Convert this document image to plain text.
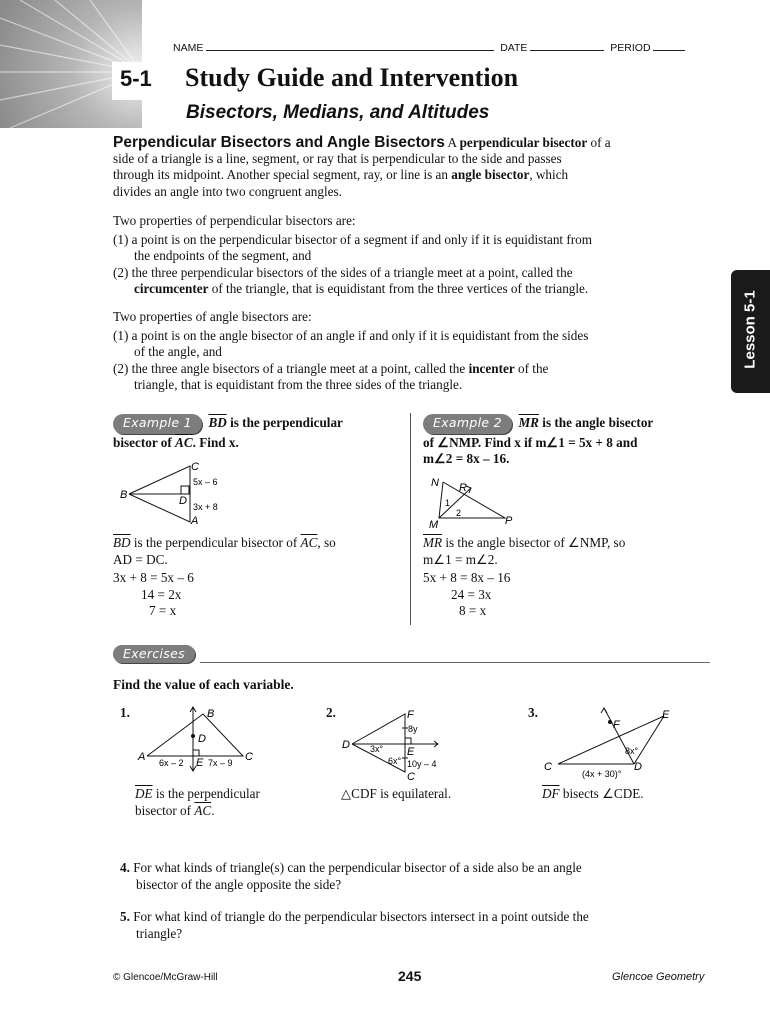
NAME	DATE	PERIOD
5-1 Study Guide and Intervention
Bisectors, Medians, and Altitudes
Lesson 5-1
Perpendicular Bisectors and Angle Bisectors A perpendicular bisector of a
side of a triangle is a line, segment, or ray that is perpendicular to the side and passes
through its midpoint. Another special segment, ray, or line is an angle bisector, which
divides an angle into two congruent angles.
Two properties of perpendicular bisectors are:
(1) a point is on the perpendicular bisector of a segment if and only if it is equidistant from
the endpoints of the segment, and
(2) the three perpendicular bisectors of the sides of a triangle meet at a point, called the
circumcenter of the triangle, that is equidistant from the three vertices of the triangle.
Two properties of angle bisectors are:
(1) a point is on the angle bisector of an angle if and only if it is equidistant from the sides
of the angle, and
(2) the three angle bisectors of a triangle meet at a point, called the incenter of the
triangle, that is equidistant from the three sides of the triangle.
Example 1 $\overline{BD}$ is the perpendicular
bisector of $\overline{AC}$. Find x.
C
B	D
A
5x – 6
3x + 8
$\overline{BD}$ is the perpendicular bisector of $\overline{AC}$, so
AD = DC.
3x + 8 = 5x – 6
14 = 2x
7 = x
Example 2 $\overline{MR}$ is the angle bisector
of ∠NMP. Find x if m∠1 = 5x + 8 and
m∠2 = 8x – 16.
N R
M	P
1
2
$\overline{MR}$ is the angle bisector of ∠NMP, so
m∠1 = m∠2.
5x + 8 = 8x – 16
24 = 3x
8 = x
Exercises
Find the value of each variable.
1.	B
D
A	E	C
6x – 2	7x – 9
$\overline{DE}$ is the perpendicular
bisector of $\overline{AC}$.
2.	F
D
E
C
8y
3x°
6x° 10y – 4
△CDF is equilateral.
3.	E
F
C	D
8x°
(4x + 30)°
$\overline{DF}$ bisects ∠CDE.
4. For what kinds of triangle(s) can the perpendicular bisector of a side also be an angle
bisector of the angle opposite the side?
5. For what kind of triangle do the perpendicular bisectors intersect in a point outside the
triangle?
© Glencoe/McGraw-Hill	245	Glencoe Geometry
